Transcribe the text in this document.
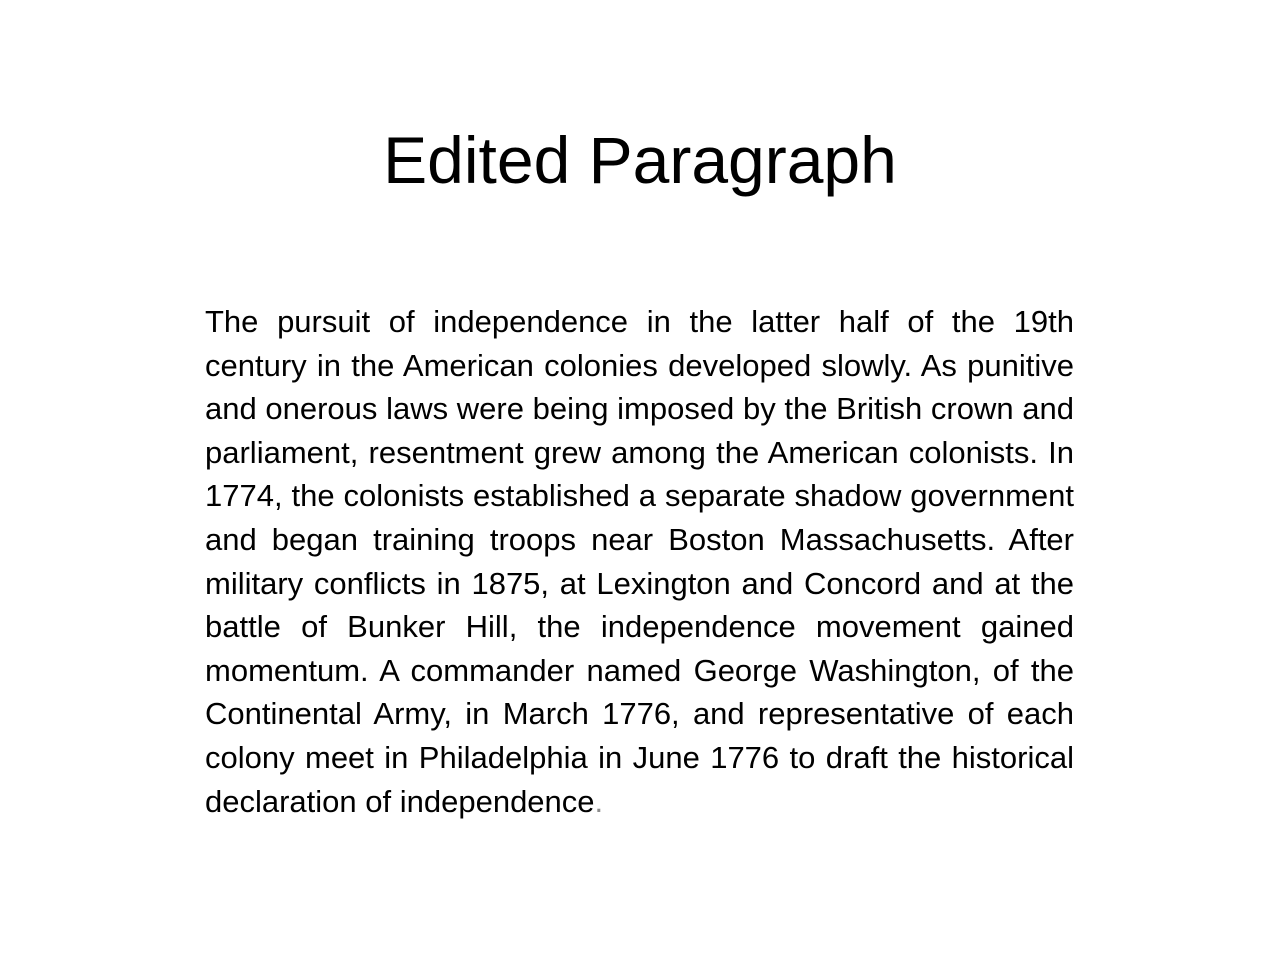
Edited Paragraph

The pursuit of independence in the latter half of the 19th century in the American colonies developed slowly. As punitive and onerous laws were being imposed by the British crown and parliament, resentment grew among the American colonists. In 1774, the colonists established a separate shadow government and began training troops near Boston Massachusetts. After military conflicts in 1875, at Lexington and Concord and at the battle of Bunker Hill, the independence movement gained momentum. A commander named George Washington, of the Continental Army, in March 1776, and representative of each colony meet in Philadelphia in June 1776 to draft the historical declaration of independence.
